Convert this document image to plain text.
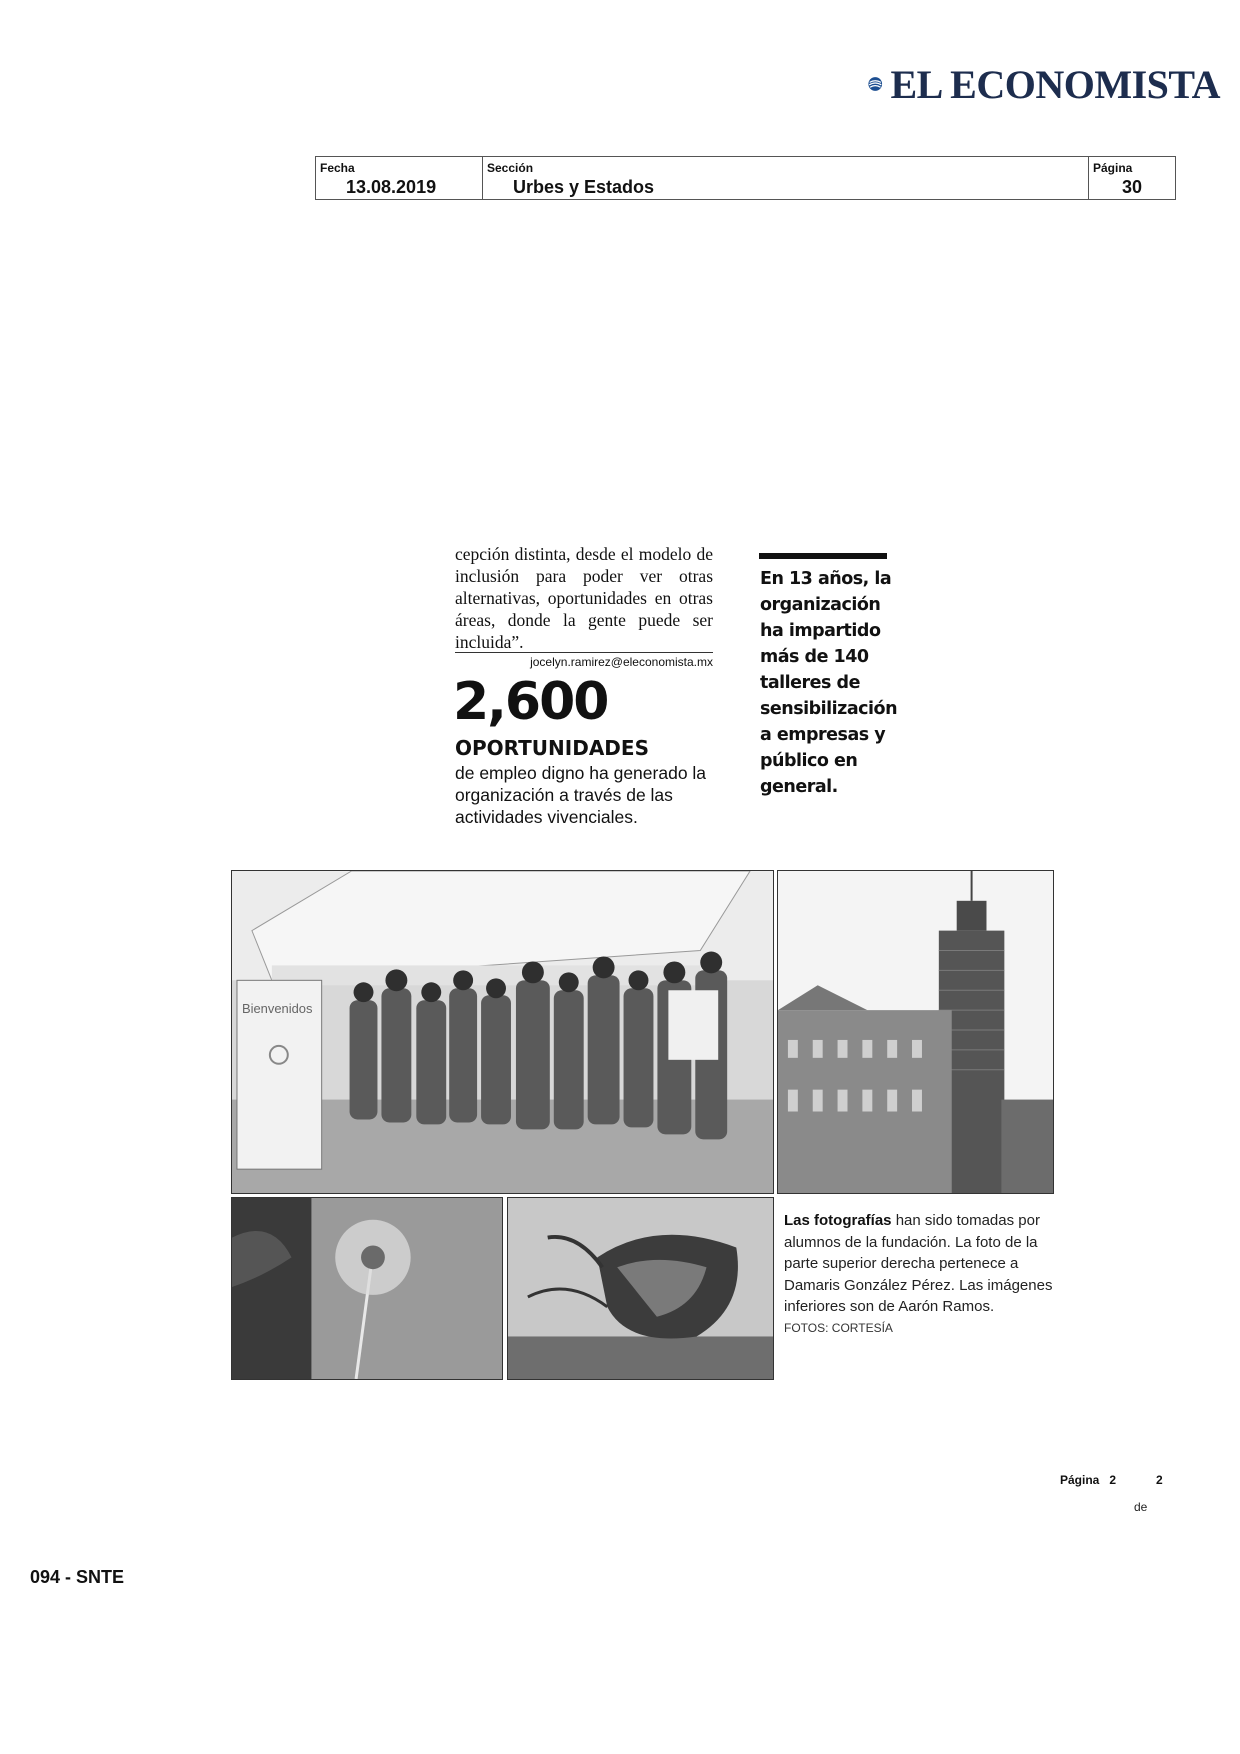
EL ECONOMISTA
Fecha
13.08.2019
Sección
Urbes y Estados
Página
30
cepción distinta, desde el modelo de inclusión para poder ver otras alternativas, oportunidades en otras áreas, donde la gente puede ser incluida”.
jocelyn.ramirez@eleconomista.mx
2,600
OPORTUNIDADES
de empleo digno ha generado la organización a través de las actividades vivenciales.
En 13 años, la organización ha impartido más de 140 talleres de sensibilización a empresas y público en general.
Bienvenidos
Las fotografías han sido tomadas por alumnos de la fundación. La foto de la parte superior derecha pertenece a Damaris González Pérez. Las imágenes inferiores son de Aarón Ramos.
FOTOS: CORTESÍA
Página 2	2
de
094 - SNTE
